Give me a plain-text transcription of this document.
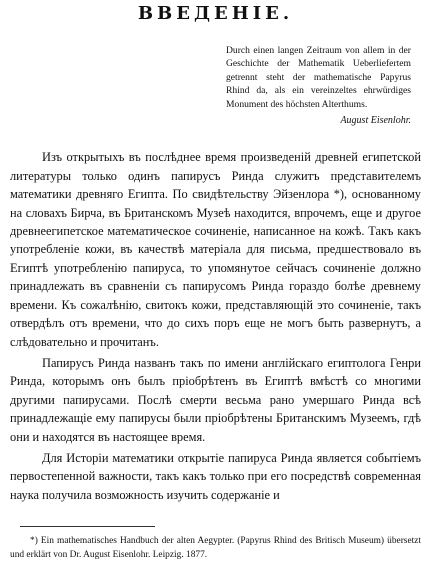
ВВЕДЕНІЕ.
Durch einen langen Zeitraum von allem in der Geschichte der Mathematik Ueberliefertem getrennt steht der mathematische Papyrus Rhind da, als ein vereinzeltes ehrwürdiges Monument des höchsten Alterthums.
August Eisenlohr.

Изъ открытыхъ въ послѣднее время произведеній древней египетской литературы только одинъ папирусъ Ринда служитъ представителемъ математики древняго Египта. По свидѣтельству Эйзенлора *), основанному на словахъ Бирча, въ Британскомъ Музеѣ находится, впрочемъ, еще и другое древнеегипетское математическое сочиненіе, написанное на кожѣ. Такъ какъ употребленіе кожи, въ качествѣ матеріала для письма, предшествовало въ Египтѣ употребленію папируса, то упомянутое сейчасъ сочиненіе должно принадлежать въ сравненіи съ папирусомъ Ринда гораздо болѣе древнему времени. Къ сожалѣнію, свитокъ кожи, представляющій это сочиненіе, такъ отвердѣлъ отъ времени, что до сихъ поръ еще не могъ быть развернутъ, а слѣдовательно и прочитанъ.

Папирусъ Ринда названъ такъ по имени англійскаго египтолога Генри Ринда, которымъ онъ былъ пріобрѣтенъ въ Египтѣ вмѣстѣ со многими другими папирусами. Послѣ смерти весьма рано умершаго Ринда всѣ принадлежащіе ему папирусы были пріобрѣтены Британскимъ Музеемъ, гдѣ они и находятся въ настоящее время.

Для Исторіи математики открытіе папируса Ринда является событіемъ первостепенной важности, такъ какъ только при его посредствѣ современная наука получила возможность изучить содержаніе и

*) Ein mathematisches Handbuch der alten Aegypter. (Papyrus Rhind des Britisch Museum) übersetzt und erklärt von Dr. August Eisenlohr. Leipzig. 1877.
